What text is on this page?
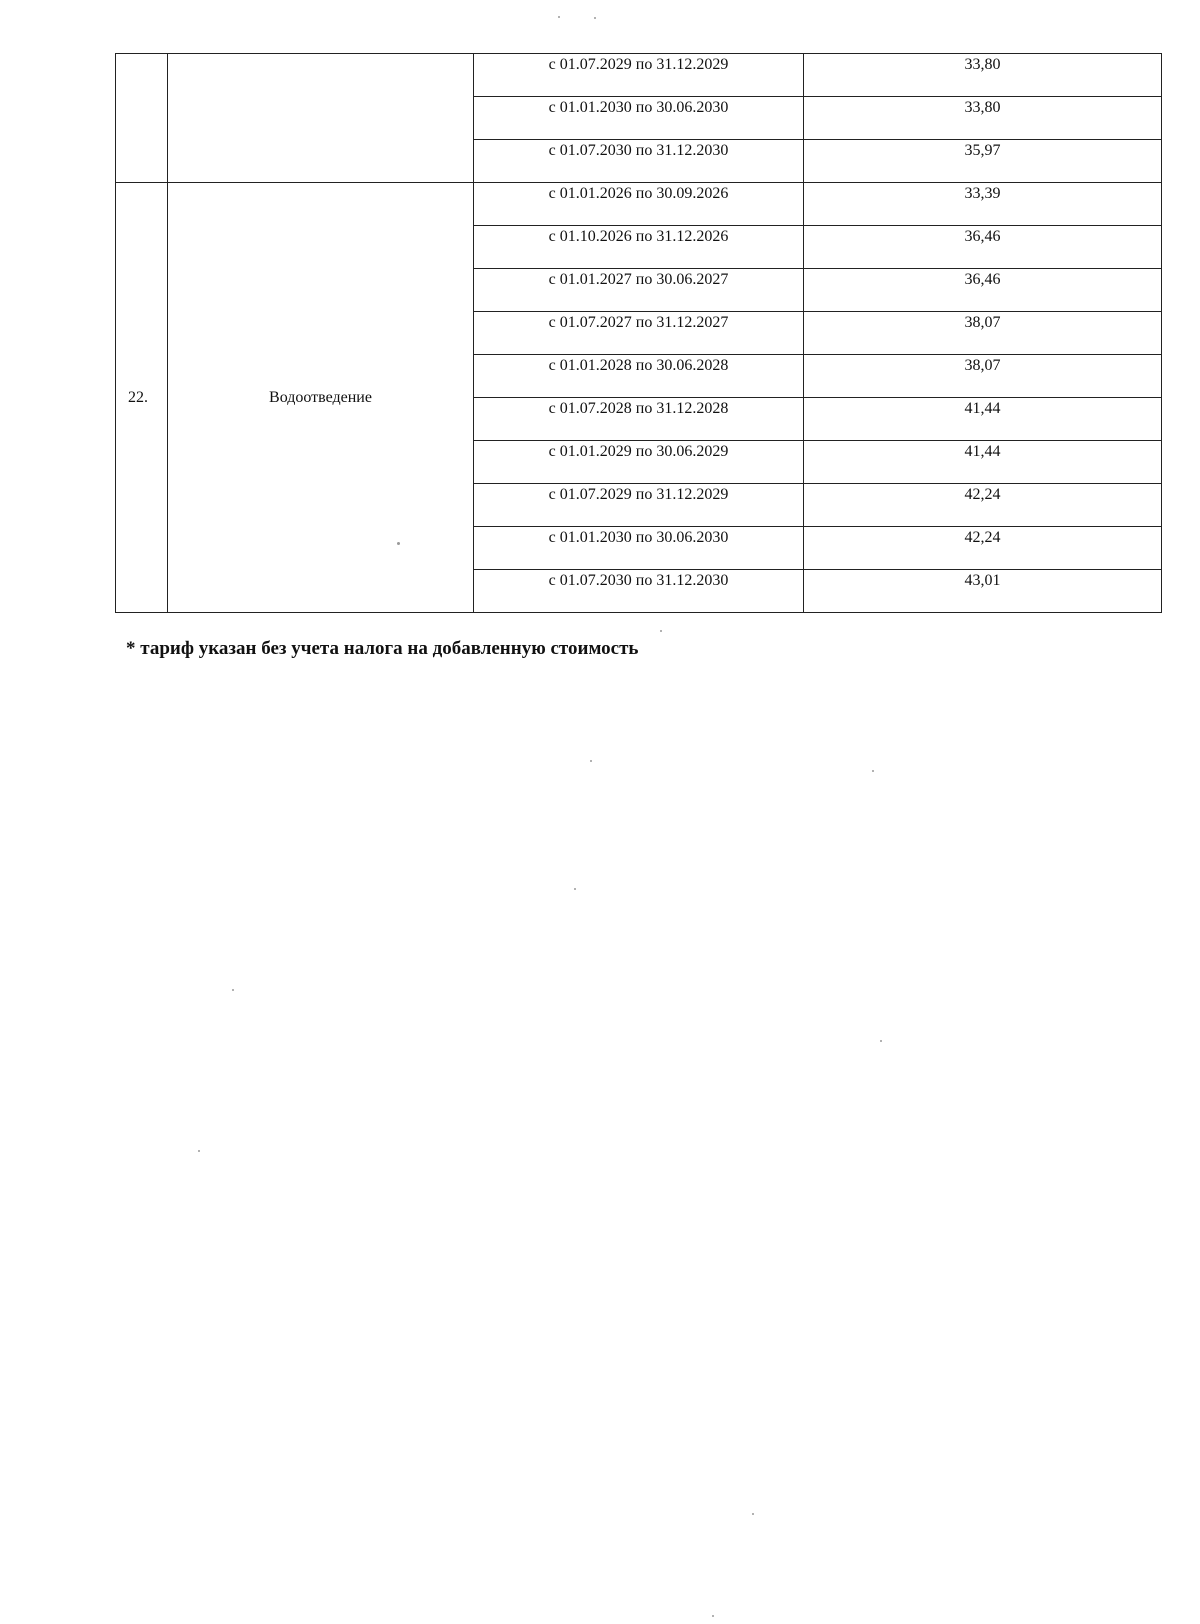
		с 01.07.2029 по 31.12.2029	33,80
		с 01.01.2030 по 30.06.2030	33,80
		с 01.07.2030 по 31.12.2030	35,97
22.	Водоотведение	с 01.01.2026 по 30.09.2026	33,39
		с 01.10.2026 по 31.12.2026	36,46
		с 01.01.2027 по 30.06.2027	36,46
		с 01.07.2027 по 31.12.2027	38,07
		с 01.01.2028 по 30.06.2028	38,07
		с 01.07.2028 по 31.12.2028	41,44
		с 01.01.2029 по 30.06.2029	41,44
		с 01.07.2029 по 31.12.2029	42,24
		с 01.01.2030 по 30.06.2030	42,24
		с 01.07.2030 по 31.12.2030	43,01
* тариф указан без учета налога на добавленную стоимость
